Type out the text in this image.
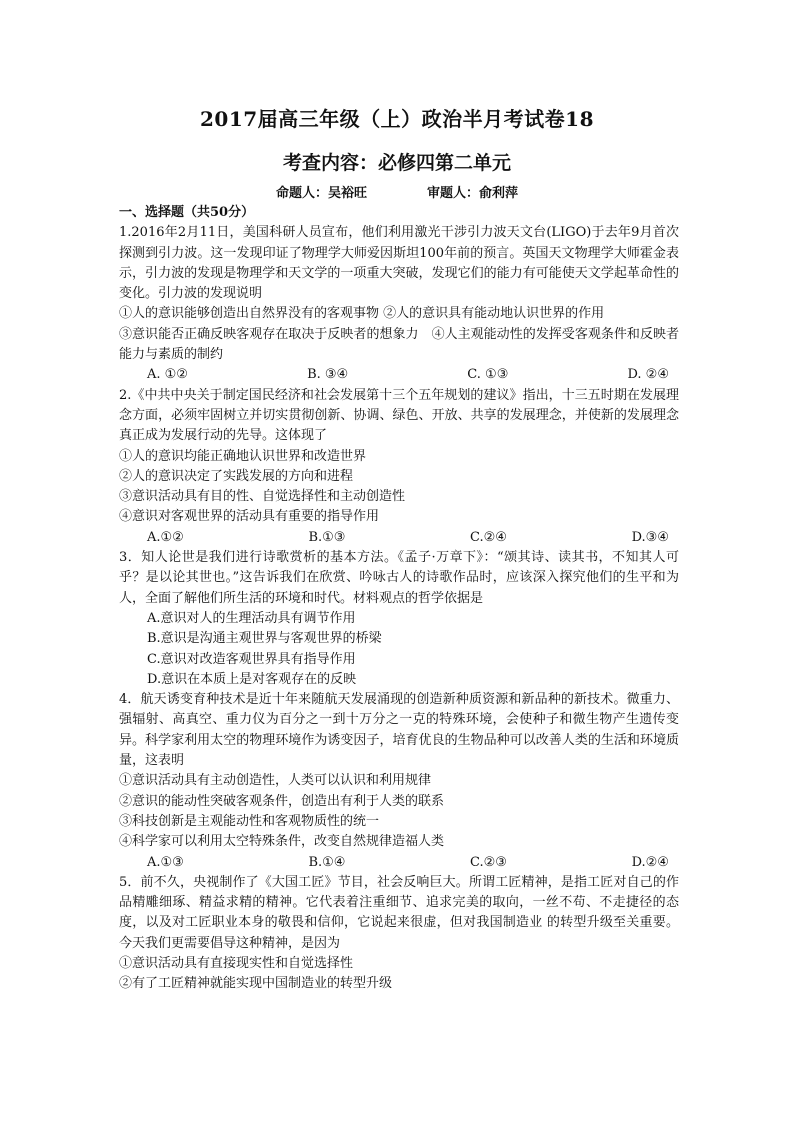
2017届高三年级（上）政治半月考试卷18
考查内容：必修四第二单元
命题人：吴裕旺	审题人：俞利萍
一、选择题（共50分）

1.2016年2月11日，美国科研人员宣布，他们利用激光干涉引力波天文台(LIGO)于去年9月首次探测到引力波。这一发现印证了物理学大师爱因斯坦100年前的预言。英国天文物理学大师霍金表示，引力波的发现是物理学和天文学的一项重大突破，发现它们的能力有可能使天文学起革命性的变化。引力波的发现说明

①人的意识能够创造出自然界没有的客观事物 ②人的意识具有能动地认识世界的作用

③意识能否正确反映客观存在取决于反映者的想象力　④人主观能动性的发挥受客观条件和反映者能力与素质的制约

A. ①②	B. ③④	C. ①③	D. ②④

2.《中共中央关于制定国民经济和社会发展第十三个五年规划的建议》指出，十三五时期在发展理念方面，必须牢固树立并切实贯彻创新、协调、绿色、开放、共享的发展理念，并使新的发展理念真正成为发展行动的先导。这体现了

①人的意识均能正确地认识世界和改造世界

②人的意识决定了实践发展的方向和进程

③意识活动具有目的性、自觉选择性和主动创造性

④意识对客观世界的活动具有重要的指导作用

A.①②	B.①③	C.②④	D.③④

3．知人论世是我们进行诗歌赏析的基本方法。《孟子·万章下》：“颂其诗、读其书，不知其人可乎？是以论其世也。”这告诉我们在欣赏、吟咏古人的诗歌作品时，应该深入探究他们的生平和为人，全面了解他们所生活的环境和时代。材料观点的哲学依据是

A.意识对人的生理活动具有调节作用

B.意识是沟通主观世界与客观世界的桥梁

C.意识对改造客观世界具有指导作用

D.意识在本质上是对客观存在的反映

4．航天诱变育种技术是近十年来随航天发展涌现的创造新种质资源和新品种的新技术。微重力、强辐射、高真空、重力仪为百分之一到十万分之一克的特殊环境，会使种子和微生物产生遗传变异。科学家利用太空的物理环境作为诱变因子，培育优良的生物品种可以改善人类的生活和环境质量，这表明

①意识活动具有主动创造性，人类可以认识和利用规律

②意识的能动性突破客观条件，创造出有利于人类的联系

③科技创新是主观能动性和客观物质性的统一

④科学家可以利用太空特殊条件，改变自然规律造福人类

A.①③	B.①④	C.②③	D.②④

5．前不久，央视制作了《大国工匠》节目，社会反响巨大。所谓工匠精神，是指工匠对自己的作品精雕细琢、精益求精的精神。它代表着注重细节、追求完美的取向，一丝不苟、不走捷径的态度，以及对工匠职业本身的敬畏和信仰，它说起来很虚，但对我国制造业 的转型升级至关重要。今天我们更需要倡导这种精神，是因为

①意识活动具有直接现实性和自觉选择性

②有了工匠精神就能实现中国制造业的转型升级
